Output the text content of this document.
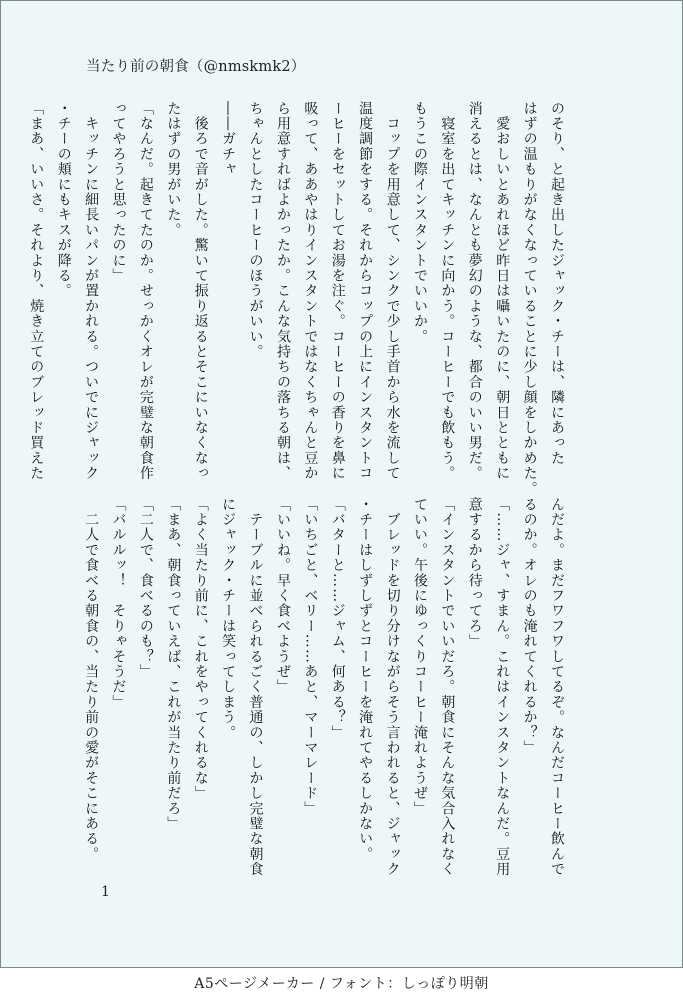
当たり前の朝食（@nmskmk2）

のそり、と起き出したジャック・チーは、隣にあった

はずの温もりがなくなっていることに少し顔をしかめた。

　愛おしいとあれほど昨日は囁いたのに、朝日とともに

消えるとは、なんとも夢幻のような、都合のいい男だ。

　寝室を出てキッチンに向かう。コーヒーでも飲もう。

もうこの際インスタントでいいか。

　コップを用意して、シンクで少し手首から水を流して

温度調節をする。それからコップの上にインスタントコ

ーヒーをセットしてお湯を注ぐ。コーヒーの香りを鼻に

吸って、ああやはりインスタントではなくちゃんと豆か

ら用意すればよかったか。こんな気持ちの落ちる朝は、

ちゃんとしたコーヒーのほうがいい。

――ガチャ

　後ろで音がした。驚いて振り返るとそこにいなくなっ

たはずの男がいた。

「なんだ。起きてたのか。せっかくオレが完璧な朝食作

ってやろうと思ったのに」

　キッチンに細長いパンが置かれる。ついでにジャック

・チーの頬にもキスが降る。

「まあ、いいさ。それより、焼き立てのブレッド買えた

んだよ。まだフワフワしてるぞ。なんだコーヒー飲んで

るのか。オレのも淹れてくれるか？」

「……ジャ、すまん。これはインスタントなんだ。豆用

意するから待ってろ」

「インスタントでいいだろ。朝食にそんな気合入れなく

ていい。午後にゆっくりコーヒー淹れようぜ」

　ブレッドを切り分けながらそう言われると、ジャック

・チーはしずしずとコーヒーを淹れてやるしかない。

「バターと……ジャム、何ある？」

「いちごと、ベリー……あと、マーマレード」

「いいね。早く食べようぜ」

　テーブルに並べられるごく普通の、しかし完璧な朝食

にジャック・チーは笑ってしまう。

「よく当たり前に、これをやってくれるな」

「まあ、朝食っていえば、これが当たり前だろ」

「二人で、食べるのも？」

「バルルッ！　そりゃそうだ」

　二人で食べる朝食の、当たり前の愛がそこにある。

1
A5ページメーカー / フォント：しっぽり明朝
